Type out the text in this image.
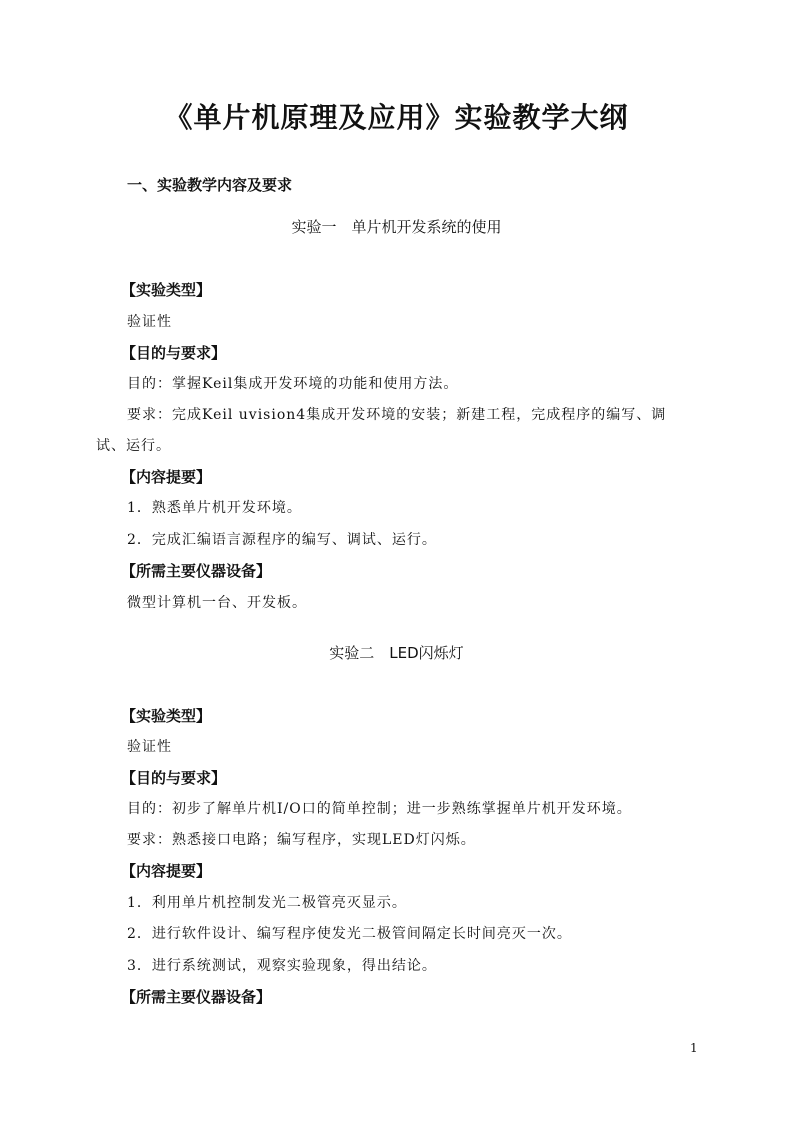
《单片机原理及应用》实验教学大纲
一、实验教学内容及要求
实验一　单片机开发系统的使用
【实验类型】
验证性
【目的与要求】
目的：掌握Keil集成开发环境的功能和使用方法。
要求：完成Keil uvision4集成开发环境的安装；新建工程，完成程序的编写、调
试、运行。
【内容提要】
1．熟悉单片机开发环境。
2．完成汇编语言源程序的编写、调试、运行。
【所需主要仪器设备】
微型计算机一台、开发板。
实验二　LED闪烁灯
【实验类型】
验证性
【目的与要求】
目的：初步了解单片机I/O口的简单控制；进一步熟练掌握单片机开发环境。
要求：熟悉接口电路；编写程序，实现LED灯闪烁。
【内容提要】
1．利用单片机控制发光二极管亮灭显示。
2．进行软件设计、编写程序使发光二极管间隔定长时间亮灭一次。
3．进行系统测试，观察实验现象，得出结论。
【所需主要仪器设备】
1
